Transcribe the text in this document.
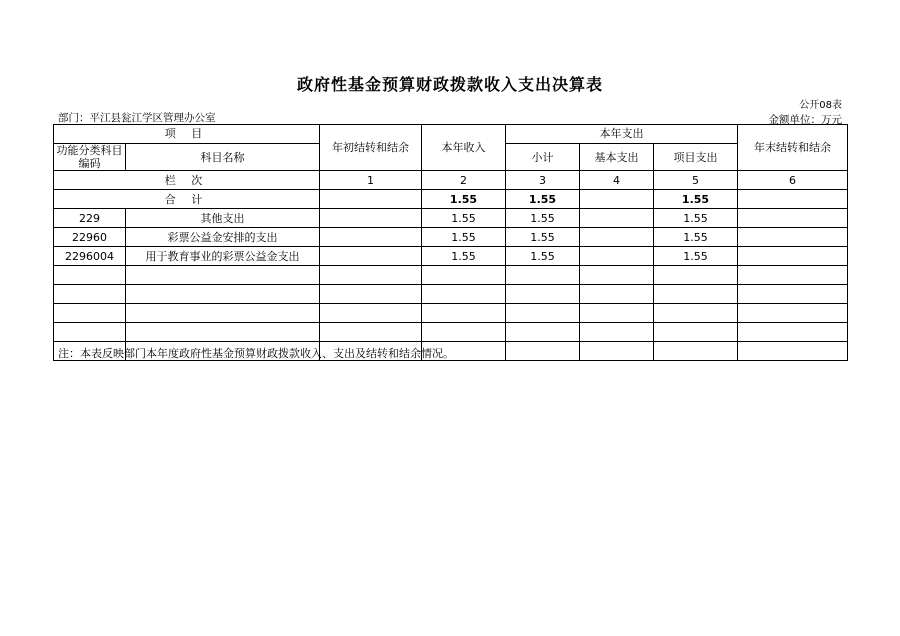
政府性基金预算财政拨款收入支出决算表
公开08表
部门：平江县瓮江学区管理办公室	金额单位：万元
项 目		年初结转和结余	本年收入	本年支出			年末结转和结余
功能分类科目编码	科目名称			小计	基本支出	项目支出	
栏 次		1	2	3	4	5	6
合 计			1.55	1.55		1.55	
229	其他支出		1.55	1.55		1.55	
22960	彩票公益金安排的支出		1.55	1.55		1.55	
2296004	用于教育事业的彩票公益金支出		1.55	1.55		1.55	

注：本表反映部门本年度政府性基金预算财政拨款收入、支出及结转和结余情况。
